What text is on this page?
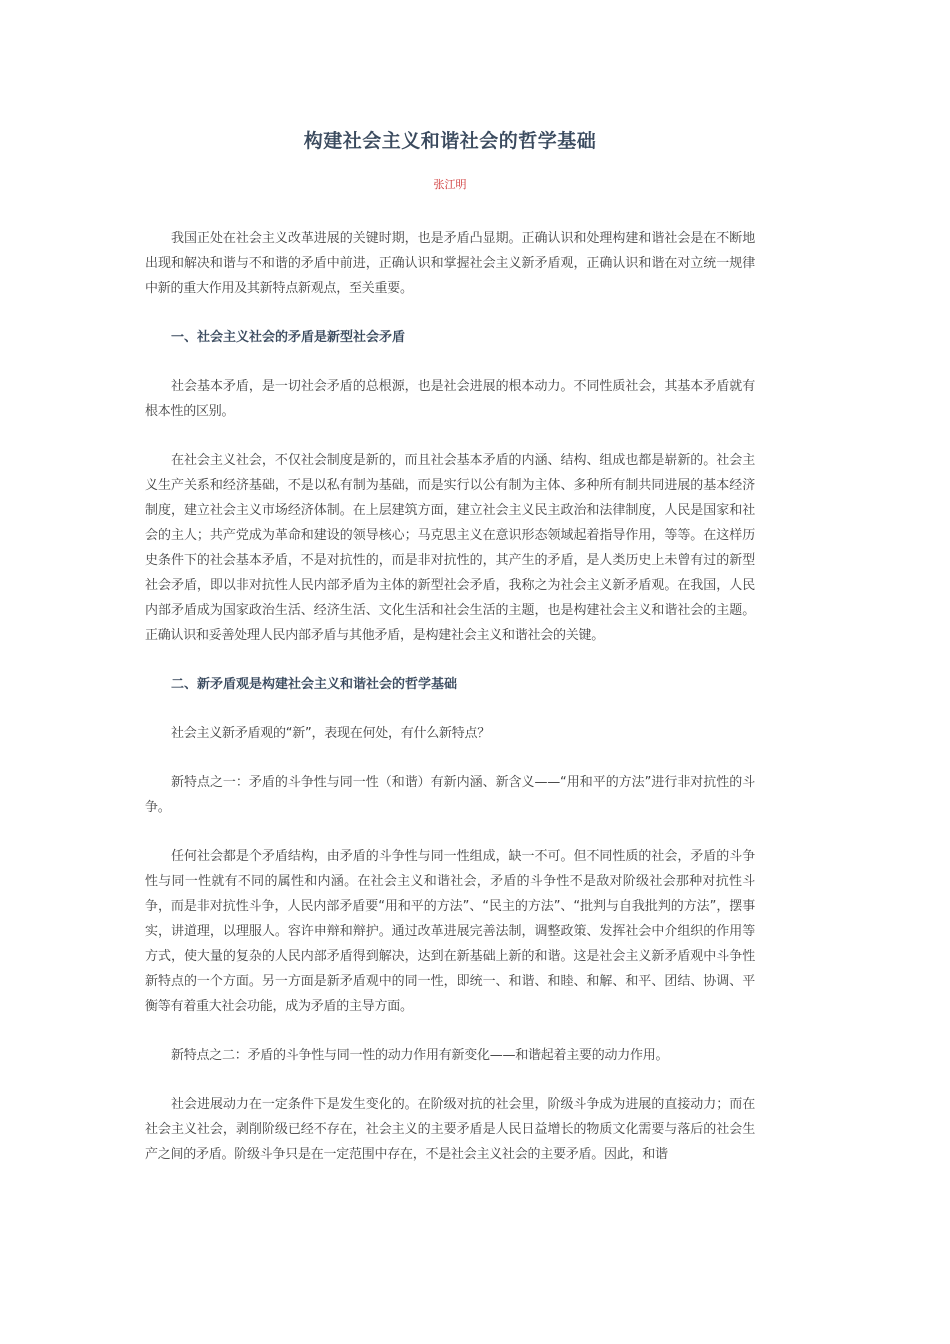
构建社会主义和谐社会的哲学基础
张江明

我国正处在社会主义改革进展的关键时期，也是矛盾凸显期。正确认识和处理构建和谐社会是在不断地出现和解决和谐与不和谐的矛盾中前进，正确认识和掌握社会主义新矛盾观，正确认识和谐在对立统一规律中新的重大作用及其新特点新观点，至关重要。

一、社会主义社会的矛盾是新型社会矛盾

社会基本矛盾，是一切社会矛盾的总根源，也是社会进展的根本动力。不同性质社会，其基本矛盾就有根本性的区别。

在社会主义社会，不仅社会制度是新的，而且社会基本矛盾的内涵、结构、组成也都是崭新的。社会主义生产关系和经济基础，不是以私有制为基础，而是实行以公有制为主体、多种所有制共同进展的基本经济制度，建立社会主义市场经济体制。在上层建筑方面，建立社会主义民主政治和法律制度，人民是国家和社会的主人；共产党成为革命和建设的领导核心；马克思主义在意识形态领域起着指导作用，等等。在这样历史条件下的社会基本矛盾，不是对抗性的，而是非对抗性的，其产生的矛盾，是人类历史上未曾有过的新型社会矛盾，即以非对抗性人民内部矛盾为主体的新型社会矛盾，我称之为社会主义新矛盾观。在我国，人民内部矛盾成为国家政治生活、经济生活、文化生活和社会生活的主题，也是构建社会主义和谐社会的主题。正确认识和妥善处理人民内部矛盾与其他矛盾，是构建社会主义和谐社会的关键。

二、新矛盾观是构建社会主义和谐社会的哲学基础

社会主义新矛盾观的“新”，表现在何处，有什么新特点？

新特点之一：矛盾的斗争性与同一性（和谐）有新内涵、新含义——“用和平的方法”进行非对抗性的斗争。

任何社会都是个矛盾结构，由矛盾的斗争性与同一性组成，缺一不可。但不同性质的社会，矛盾的斗争性与同一性就有不同的属性和内涵。在社会主义和谐社会，矛盾的斗争性不是敌对阶级社会那种对抗性斗争，而是非对抗性斗争，人民内部矛盾要“用和平的方法”、“民主的方法”、“批判与自我批判的方法”，摆事实，讲道理，以理服人。容许申辩和辩护。通过改革进展完善法制，调整政策、发挥社会中介组织的作用等方式，使大量的复杂的人民内部矛盾得到解决，达到在新基础上新的和谐。这是社会主义新矛盾观中斗争性新特点的一个方面。另一方面是新矛盾观中的同一性，即统一、和谐、和睦、和解、和平、团结、协调、平衡等有着重大社会功能，成为矛盾的主导方面。

新特点之二：矛盾的斗争性与同一性的动力作用有新变化——和谐起着主要的动力作用。

社会进展动力在一定条件下是发生变化的。在阶级对抗的社会里，阶级斗争成为进展的直接动力；而在社会主义社会，剥削阶级已经不存在，社会主义的主要矛盾是人民日益增长的物质文化需要与落后的社会生产之间的矛盾。阶级斗争只是在一定范围中存在，不是社会主义社会的主要矛盾。因此，和谐
